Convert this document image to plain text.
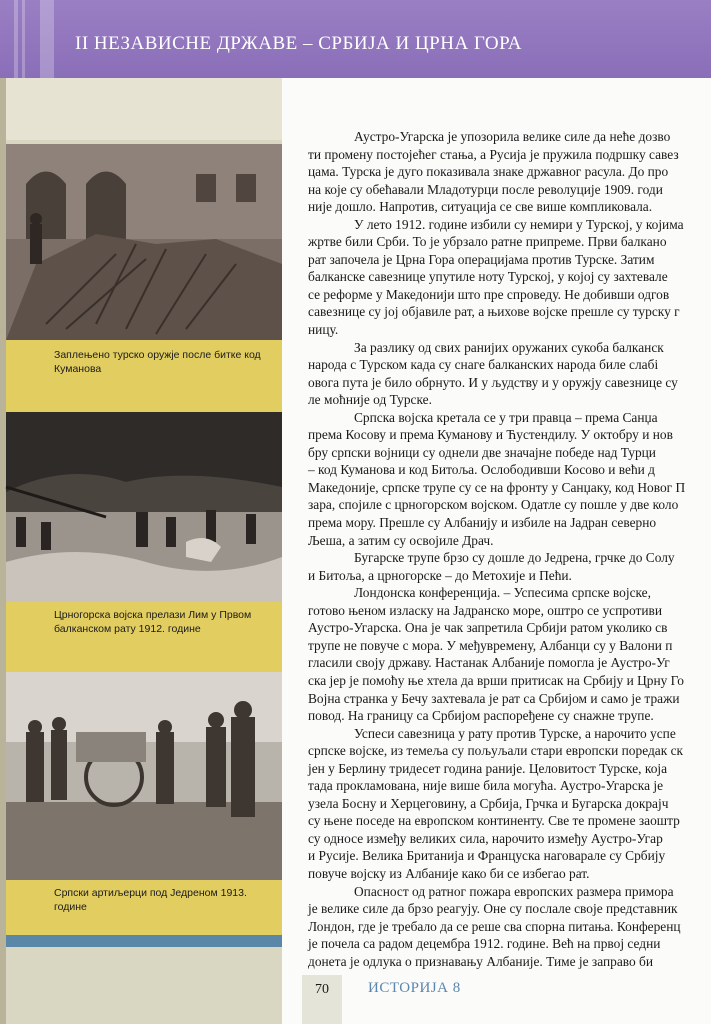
II НЕЗАВИСНЕ ДРЖАВЕ – СРБИЈА И ЦРНА ГОРА
Заплењено турско оружје после битке код Куманова
Црногорска војска прелази Лим у Првом балканском рату 1912. године
Српски артиљерци под Једреном 1913. године

Аустро-Угарска је упозорила велике силе да неће дозво

ти промену постојећег стања, а Русија је пружила подршку савез

цама. Турска је дуго показивала знаке државног расула. До про

на које су обећавали Младотурци после револуције 1909. годи

није дошло. Напротив, ситуација се све више компликовала.

У лето 1912. године избили су немири у Турској, у којима

жртве били Срби. То је убрзало ратне припреме. Први балкано

рат започела је Црна Гора операцијама против Турске. Затим

балканске савезнице упутиле ноту Турској, у којој су захтевале

се реформе у Македонији што пре спроведу. Не добивши одгов

савезнице су јој објавиле рат, а њихове војске прешле су турску г

ницу.

За разлику од свих ранијих оружаних сукоба балканск

народа с Турском када су снаге балканских народа биле слабі

овога пута је било обрнуто. И у људству и у оружју савезнице су

ле моћније од Турске.

Српска војска кретала се у три правца – према Санџа

према Косову и према Куманову и Ћустендилу. У октобру и нов

бру српски војници су однели две значајне победе над Турци

– код Куманова и код Битоља. Ослободивши Косово и већи д

Македоније, српске трупе су се на фронту у Санџаку, код Новог П

зара, спојиле с црногорском војском. Одатле су пошле у две коло

према мору. Прешле су Албанију и избиле на Јадран северно

Љеша, а затим су освојиле Драч.

Бугарске трупе брзо су дошле до Једрена, грчке до Солу

и Битоља, а црногорске – до Метохије и Пећи.

Лондонска конференција. – Успесима српске војске,

готово њеном изласку на Јадранско море, оштро се успротиви

Аустро-Угарска. Она је чак запретила Србији ратом уколико св

трупе не повуче с мора. У међувремену, Албанци су у Валони п

гласили своју државу. Настанак Албаније помогла је Аустро-Уг

ска јер је помоћу ње хтела да врши притисак на Србију и Црну Го

Војна странка у Бечу захтевала је рат са Србијом и само је тражи

повод. На границу са Србијом распоређене су снажне трупе.

Успеси савезница у рату против Турске, а нарочито успе

српске војске, из темеља су пољуљали стари европски поредак ск

јен у Берлину тридесет година раније. Целовитост Турске, која

тада прокламована, није више била могућа. Аустро-Угарска је

узела Босну и Херцеговину, а Србија, Грчка и Бугарска докрајч

су њене поседе на европском континенту. Све те промене заоштр

су односе између великих сила, нарочито између Аустро-Угар

и Русије. Велика Британија и Француска наговарале су Србију

повуче војску из Албаније како би се избегао рат.

Опасност од ратног пожара европских размера примора

је велике силе да брзо реагују. Оне су послале своје представник

Лондон, где је требало да се реше сва спорна питања. Конференц

је почела са радом децембра 1912. године. Већ на првој седни

донета је одлука о признавању Албаније. Тиме је заправо би

70	ИСТОРИЈА 8
